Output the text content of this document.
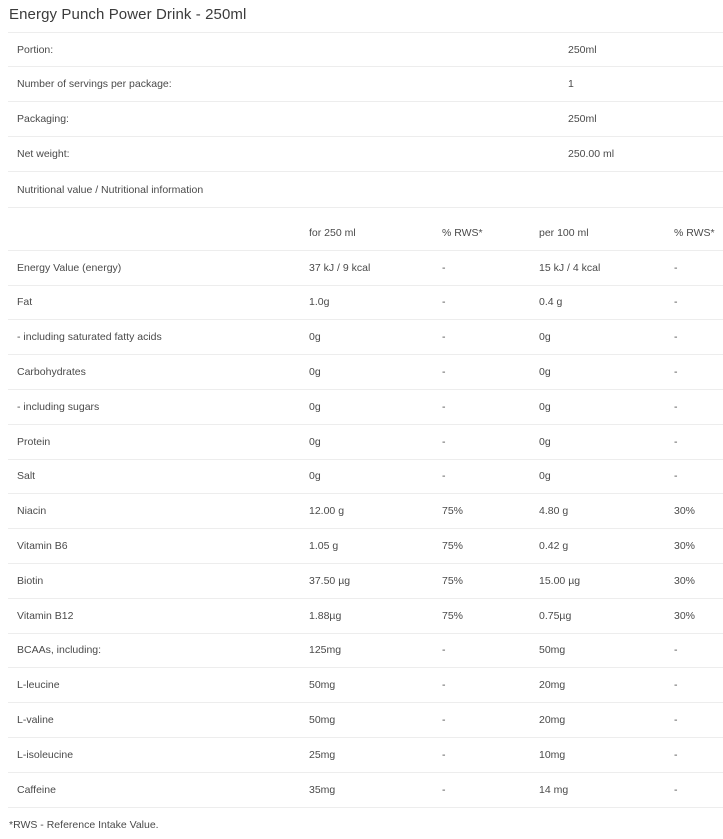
Energy Punch Power Drink - 250ml
Portion:	250ml
Number of servings per package:	1
Packaging:	250ml
Net weight:	250.00 ml
Nutritional value / Nutritional information
for 250 ml	% RWS*	per 100 ml	% RWS*
Energy Value (energy)	37 kJ / 9 kcal	-	15 kJ / 4 kcal	-
Fat	1.0g	-	0.4 g	-
- including saturated fatty acids	0g	-	0g	-
Carbohydrates	0g	-	0g	-
- including sugars	0g	-	0g	-
Protein	0g	-	0g	-
Salt	0g	-	0g	-
Niacin	12.00 g	75%	4.80 g	30%
Vitamin B6	1.05 g	75%	0.42 g	30%
Biotin	37.50 µg	75%	15.00 µg	30%
Vitamin B12	1.88µg	75%	0.75µg	30%
BCAAs, including:	125mg	-	50mg	-
L-leucine	50mg	-	20mg	-
L-valine	50mg	-	20mg	-
L-isoleucine	25mg	-	10mg	-
Caffeine	35mg	-	14 mg	-
*RWS - Reference Intake Value.
